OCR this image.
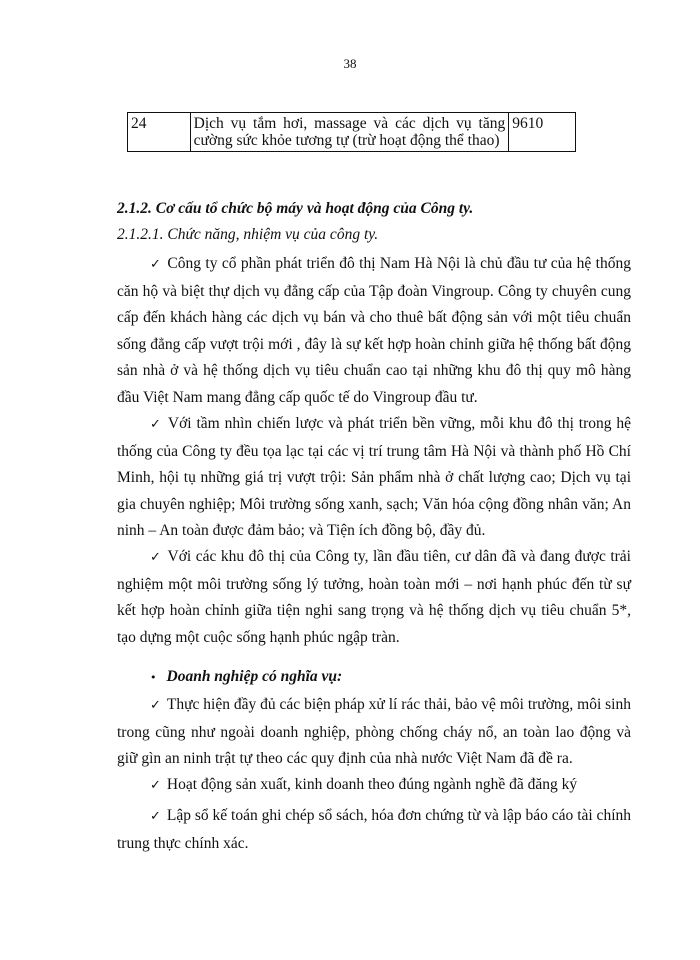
38
24	Dịch vụ tắm hơi, massage và các dịch vụ tăng cường sức khỏe tương tự (trừ hoạt động thể thao)	9610
2.1.2. Cơ cấu tổ chức bộ máy và hoạt động của Công ty.
2.1.2.1. Chức năng, nhiệm vụ của công ty.

✓ Công ty cổ phần phát triển đô thị Nam Hà Nội là chủ đầu tư của hệ thống căn hộ và biệt thự dịch vụ đẳng cấp của Tập đoàn Vingroup. Công ty chuyên cung cấp đến khách hàng các dịch vụ bán và cho thuê bất động sản với một tiêu chuẩn sống đẳng cấp vượt trội mới , đây là sự kết hợp hoàn chỉnh giữa hệ thống bất động sản nhà ở và hệ thống dịch vụ tiêu chuẩn cao tại những khu đô thị quy mô hàng đầu Việt Nam mang đẳng cấp quốc tế do Vingroup đầu tư.

✓ Với tầm nhìn chiến lược và phát triển bền vững, mỗi khu đô thị trong hệ thống của Công ty đều tọa lạc tại các vị trí trung tâm Hà Nội và thành phố Hồ Chí Minh, hội tụ những giá trị vượt trội: Sản phẩm nhà ở chất lượng cao; Dịch vụ tại gia chuyên nghiệp; Môi trường sống xanh, sạch; Văn hóa cộng đồng nhân văn; An ninh – An toàn được đảm bảo; và Tiện ích đồng bộ, đầy đủ.

✓ Với các khu đô thị của Công ty, lần đầu tiên, cư dân đã và đang được trải nghiệm một môi trường sống lý tưởng, hoàn toàn mới – nơi hạnh phúc đến từ sự kết hợp hoàn chỉnh giữa tiện nghi sang trọng và hệ thống dịch vụ tiêu chuẩn 5*, tạo dựng một cuộc sống hạnh phúc ngập tràn.

• Doanh nghiệp có nghĩa vụ:

✓ Thực hiện đầy đủ các biện pháp xử lí rác thải, bảo vệ môi trường, môi sinh trong cũng như ngoài doanh nghiệp, phòng chống cháy nổ, an toàn lao động và giữ gìn an ninh trật tự theo các quy định của nhà nước Việt Nam đã đề ra.

✓ Hoạt động sản xuất, kinh doanh theo đúng ngành nghề đã đăng ký

✓ Lập sổ kế toán ghi chép sổ sách, hóa đơn chứng từ và lập báo cáo tài chính trung thực chính xác.
